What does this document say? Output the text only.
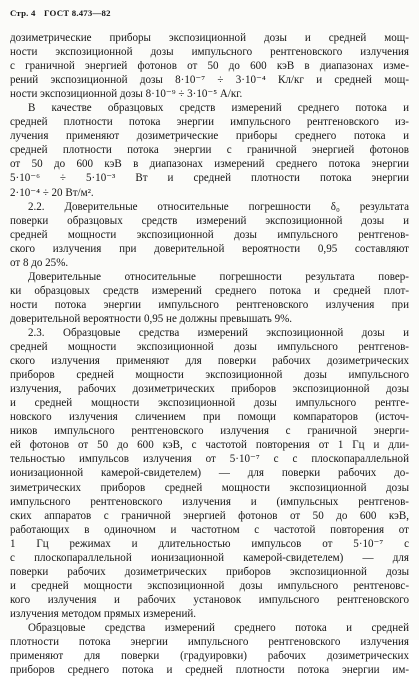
Стр. 4 ГОСТ 8.473—82
дозиметрические приборы экспозиционной дозы и средней мощ-
ности экспозиционной дозы импульсного рентгеновского излучения
с граничной энергией фотонов от 50 до 600 кэВ в диапазонах изме-
рений экспозиционной дозы 8·10⁻⁷ ÷ 3·10⁻⁴ Кл/кг и средней мощ-
ности экспозиционной дозы 8·10⁻⁹ ÷ 3·10⁻⁵ А/кг.
В качестве образцовых средств измерений среднего потока и
средней плотности потока энергии импульсного рентгеновского из-
лучения применяют дозиметрические приборы среднего потока и
средней плотности потока энергии с граничной энергией фотонов
от 50 до 600 кэВ в диапазонах измерений среднего потока энергии
5·10⁻⁶ ÷ 5·10⁻³ Вт и средней плотности потока энергии
2·10⁻⁴ ÷ 20 Вт/м².
2.2. Доверительные относительные погрешности δ₀ результата
поверки образцовых средств измерений экспозиционной дозы и
средней мощности экспозиционной дозы импульсного рентгенов-
ского излучения при доверительной вероятности 0,95 составляют
от 8 до 25%.
Доверительные относительные погрешности результата повер-
ки образцовых средств измерений среднего потока и средней плот-
ности потока энергии импульсного рентгеновского излучения при
доверительной вероятности 0,95 не должны превышать 9%.
2.3. Образцовые средства измерений экспозиционной дозы и
средней мощности экспозиционной дозы импульсного рентгенов-
ского излучения применяют для поверки рабочих дозиметрических
приборов средней мощности экспозиционной дозы импульсного
излучения, рабочих дозиметрических приборов экспозиционной дозы
и средней мощности экспозиционной дозы импульсного рентге-
новского излучения сличением при помощи компараторов (источ-
ников импульсного рентгеновского излучения с граничной энерги-
ей фотонов от 50 до 600 кэВ, с частотой повторения от 1 Гц и дли-
тельностью импульсов излучения от 5·10⁻⁷ с с плоскопараллельной
ионизационной камерой-свидетелем) — для поверки рабочих до-
зиметрических приборов средней мощности экспозиционной дозы
импульсного рентгеновского излучения и (импульсных рентгенов-
ских аппаратов с граничной энергией фотонов от 50 до 600 кэВ,
работающих в одиночном и частотном с частотой повторения от
1 Гц режимах и длительностью импульсов от 5·10⁻⁷ с
с плоскопараллельной ионизационной камерой-свидетелем) — для
поверки рабочих дозиметрических приборов экспозиционной дозы
и средней мощности экспозиционной дозы импульсного рентгеновс-
кого излучения и рабочих установок импульсного рентгеновского
излучения методом прямых измерений.
Образцовые средства измерений среднего потока и средней
плотности потока энергии импульсного рентгеновского излучения
применяют для поверки (градуировки) рабочих дозиметрических
приборов среднего потока и средней плотности потока энергии им-
